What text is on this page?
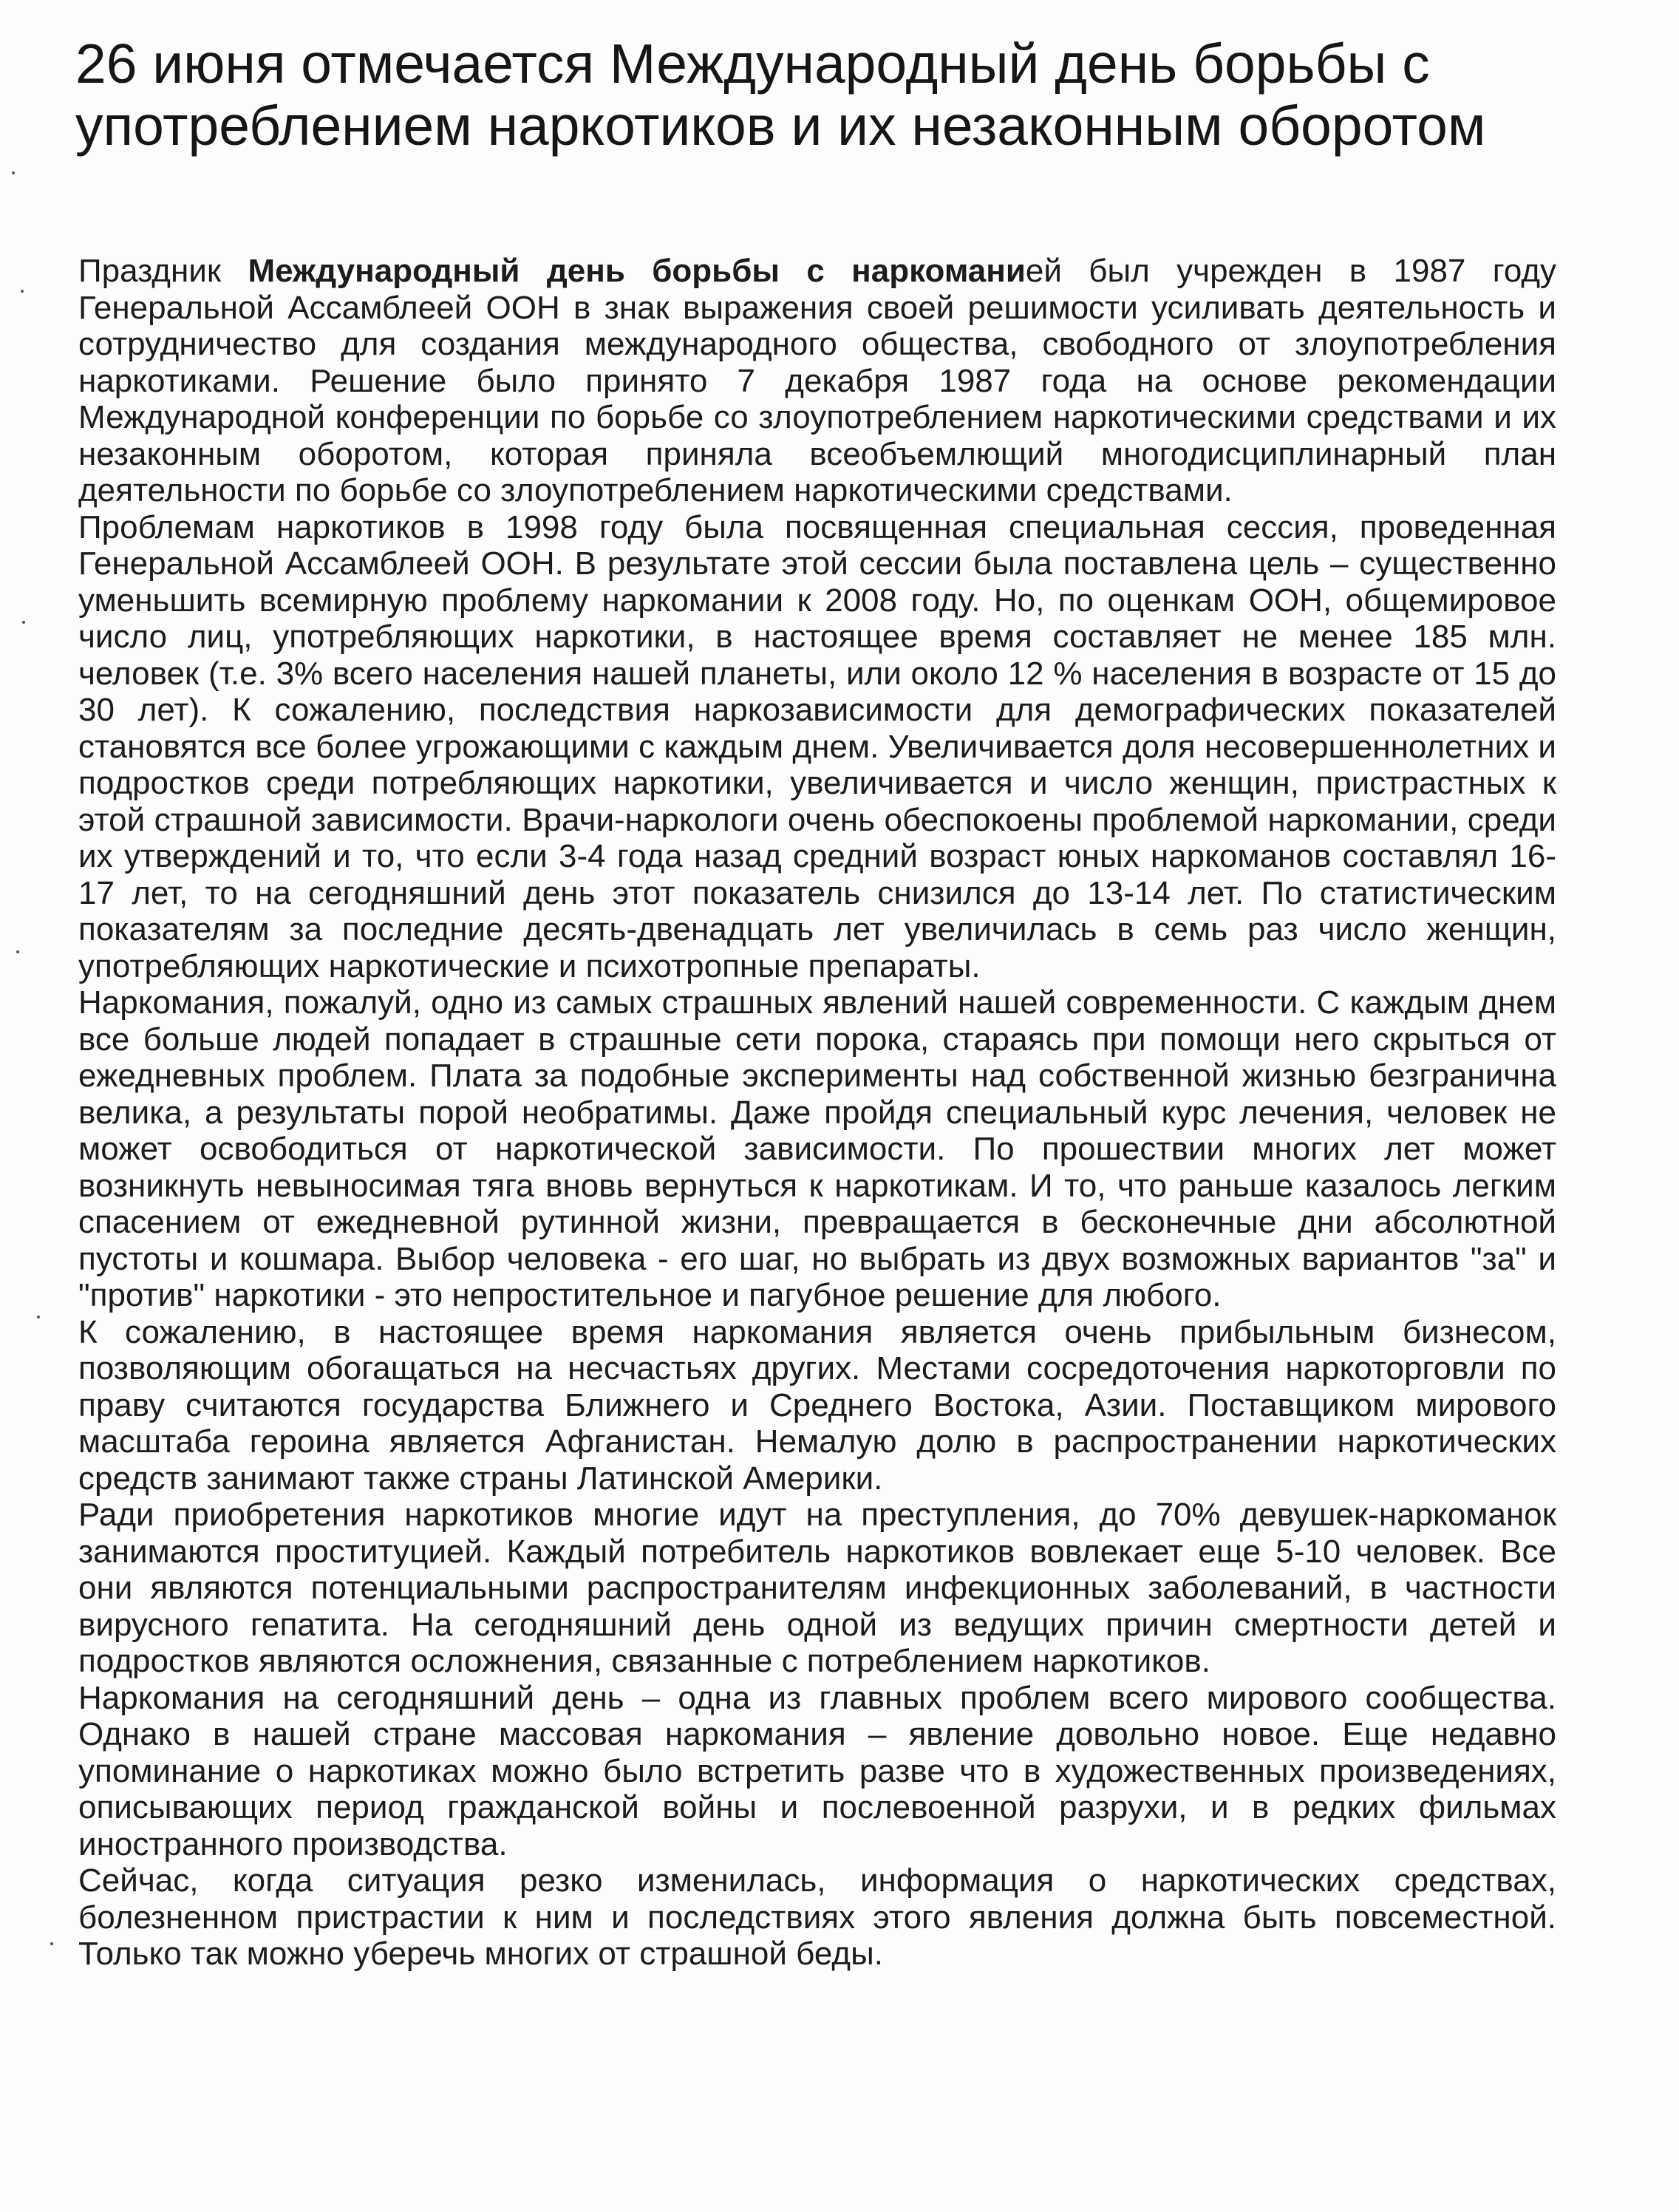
26 июня отмечается Международный день борьбы с употреблением наркотиков и их незаконным оборотом

Праздник Международный день борьбы с наркоманией был учрежден в 1987 году Генеральной Ассамблеей ООН в знак выражения своей решимости усиливать деятельность и сотрудничество для создания международного общества, свободного от злоупотребления наркотиками. Решение было принято 7 декабря 1987 года на основе рекомендации Международной конференции по борьбе со злоупотреблением наркотическими средствами и их незаконным оборотом, которая приняла всеобъемлющий многодисциплинарный план деятельности по борьбе со злоупотреблением наркотическими средствами.

Проблемам наркотиков в 1998 году была посвященная специальная сессия, проведенная Генеральной Ассамблеей ООН. В результате этой сессии была поставлена цель – существенно уменьшить всемирную проблему наркомании к 2008 году. Но, по оценкам ООН, общемировое число лиц, употребляющих наркотики, в настоящее время составляет не менее 185 млн. человек (т.е. 3% всего населения нашей планеты, или около 12 % населения в возрасте от 15 до 30 лет). К сожалению, последствия наркозависимости для демографических показателей становятся все более угрожающими с каждым днем. Увеличивается доля несовершеннолетних и подростков среди потребляющих наркотики, увеличивается и число женщин, пристрастных к этой страшной зависимости. Врачи-наркологи очень обеспокоены проблемой наркомании, среди их утверждений и то, что если 3-4 года назад средний возраст юных наркоманов составлял 16-17 лет, то на сегодняшний день этот показатель снизился до 13-14 лет. По статистическим показателям за последние десять-двенадцать лет увеличилась в семь раз число женщин, употребляющих наркотические и психотропные препараты.

Наркомания, пожалуй, одно из самых страшных явлений нашей современности. С каждым днем все больше людей попадает в страшные сети порока, стараясь при помощи него скрыться от ежедневных проблем. Плата за подобные эксперименты над собственной жизнью безгранична велика, а результаты порой необратимы. Даже пройдя специальный курс лечения, человек не может освободиться от наркотической зависимости. По прошествии многих лет может возникнуть невыносимая тяга вновь вернуться к наркотикам. И то, что раньше казалось легким спасением от ежедневной рутинной жизни, превращается в бесконечные дни абсолютной пустоты и кошмара. Выбор человека - его шаг, но выбрать из двух возможных вариантов "за" и "против" наркотики - это непростительное и пагубное решение для любого.

К сожалению, в настоящее время наркомания является очень прибыльным бизнесом, позволяющим обогащаться на несчастьях других. Местами сосредоточения наркоторговли по праву считаются государства Ближнего и Среднего Востока, Азии. Поставщиком мирового масштаба героина является Афганистан. Немалую долю в распространении наркотических средств занимают также страны Латинской Америки.

Ради приобретения наркотиков многие идут на преступления, до 70% девушек-наркоманок занимаются проституцией. Каждый потребитель наркотиков вовлекает еще 5-10 человек. Все они являются потенциальными распространителям инфекционных заболеваний, в частности вирусного гепатита. На сегодняшний день одной из ведущих причин смертности детей и подростков являются осложнения, связанные с потреблением наркотиков.

Наркомания на сегодняшний день – одна из главных проблем всего мирового сообщества. Однако в нашей стране массовая наркомания – явление довольно новое. Еще недавно упоминание о наркотиках можно было встретить разве что в художественных произведениях, описывающих период гражданской войны и послевоенной разрухи, и в редких фильмах иностранного производства.

Сейчас, когда ситуация резко изменилась, информация о наркотических средствах, болезненном пристрастии к ним и последствиях этого явления должна быть повсеместной. Только так можно уберечь многих от страшной беды.
